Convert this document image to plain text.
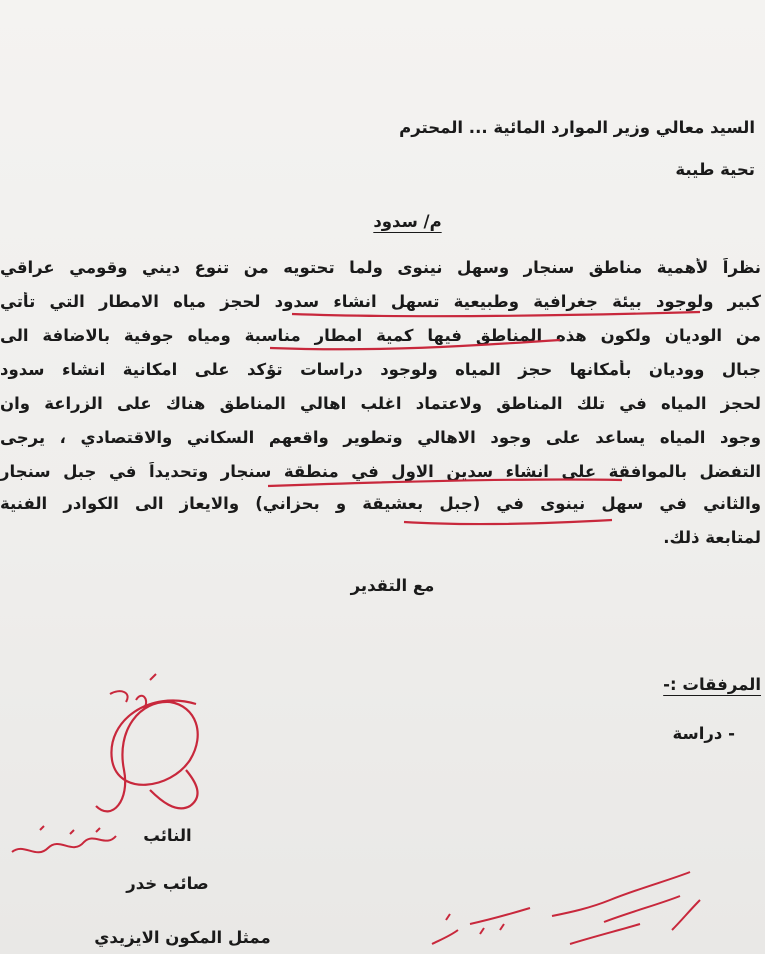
السيد معالي وزير الموارد المائية ... المحترم
تحية طيبة
م/ سدود
نظراً لأهمية مناطق سنجار وسهل نينوى ولما تحتويه من تنوع ديني وقومي عراقي
كبير ولوجود بيئة جغرافية وطبيعية تسهل انشاء سدود لحجز مياه الامطار التي تأتي
من الوديان ولكون هذه المناطق فيها كمية امطار مناسبة ومياه جوفية بالاضافة الى
جبال ووديان بأمكانها حجز المياه ولوجود دراسات تؤكد على امكانية انشاء سدود
لحجز المياه في تلك المناطق ولاعتماد اغلب اهالي المناطق هناك على الزراعة وان
وجود المياه يساعد على وجود الاهالي وتطوير واقعهم السكاني والاقتصادي ، يرجى
التفضل بالموافقة على انشاء سدين الاول في منطقة سنجار وتحديداً في جبل سنجار
والثاني في سهل نينوى في (جبل بعشيقة و بحزاني) والايعاز الى الكوادر الفنية
لمتابعة ذلك.
مع التقدير
المرفقات :-
- دراسة
النائب
صائب خدر
ممثل المكون الايزيدي
